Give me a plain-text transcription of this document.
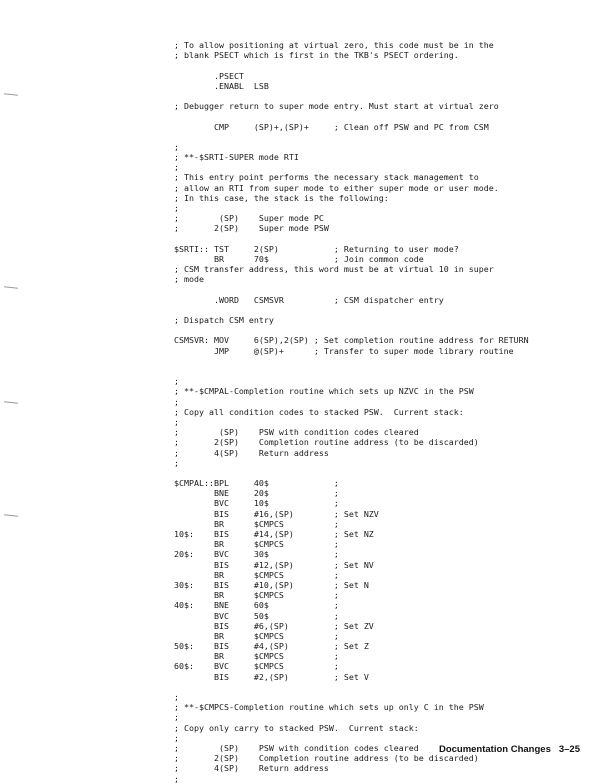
; To allow positioning at virtual zero, this code must be in the
; blank PSECT which is first in the TKB's PSECT ordering.
.PSECT
.ENABL  LSB
; Debugger return to super mode entry. Must start at virtual zero
CMP     (SP)+,(SP)+     ; Clean off PSW and PC from CSM
;
; **-$SRTI-SUPER mode RTI
;
; This entry point performs the necessary stack management to
; allow an RTI from super mode to either super mode or user mode.
; In this case, the stack is the following:
;
;        (SP)    Super mode PC
;       2(SP)    Super mode PSW
$SRTI:: TST     2(SP)           ; Returning to user mode?
BR      70$             ; Join common code
; CSM transfer address, this word must be at virtual 10 in super
; mode
.WORD   CSMSVR          ; CSM dispatcher entry
; Dispatch CSM entry
CSMSVR: MOV     6(SP),2(SP) ; Set completion routine address for RETURN
JMP     @(SP)+      ; Transfer to super mode library routine
;
; **-$CMPAL-Completion routine which sets up NZVC in the PSW
;
; Copy all condition codes to stacked PSW.  Current stack:
;
;        (SP)    PSW with condition codes cleared
;       2(SP)    Completion routine address (to be discarded)
;       4(SP)    Return address
;
$CMPAL::BPL     40$             ;
BNE     20$             ;
BVC     10$             ;
BIS     #16,(SP)        ; Set NZV
BR      $CMPCS          ;
10$:    BIS     #14,(SP)        ; Set NZ
BR      $CMPCS          ;
20$:    BVC     30$             ;
BIS     #12,(SP)        ; Set NV
BR      $CMPCS          ;
30$:    BIS     #10,(SP)        ; Set N
BR      $CMPCS          ;
40$:    BNE     60$             ;
BVC     50$             ;
BIS     #6,(SP)         ; Set ZV
BR      $CMPCS          ;
50$:    BIS     #4,(SP)         ; Set Z
BR      $CMPCS          ;
60$:    BVC     $CMPCS          ;
BIS     #2,(SP)         ; Set V
;
; **-$CMPCS-Completion routine which sets up only C in the PSW
;
; Copy only carry to stacked PSW.  Current stack:
;
;        (SP)    PSW with condition codes cleared
;       2(SP)    Completion routine address (to be discarded)
;       4(SP)    Return address
;
Documentation Changes 3–25
